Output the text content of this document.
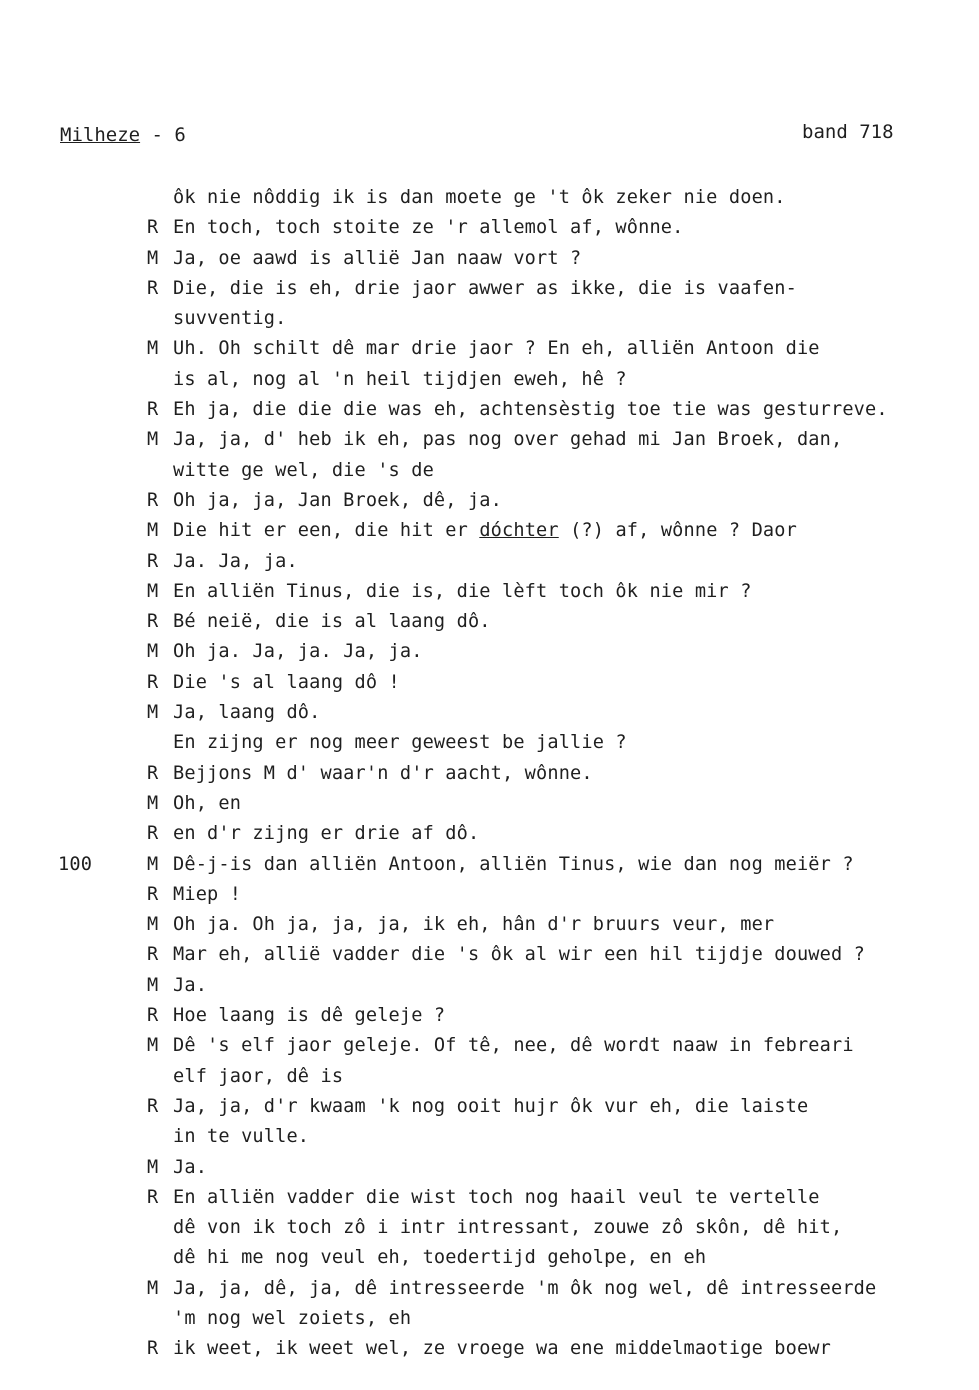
Milheze - 6	band 718
ôk nie nôddig ik is dan moete ge 't ôk zeker nie doen.
R En toch, toch stoite ze 'r allemol af, wônne.
M Ja, oe aawd is allië Jan naaw vort ?
R Die, die is eh, drie jaor awwer as ikke, die is vaafen-
suvventig.
M Uh. Oh schilt dê mar drie jaor ? En eh, alliën Antoon die
is al, nog al 'n heil tijdjen eweh, hê ?
R Eh ja, die die die was eh, achtensèstig toe tie was gesturreve.
M Ja, ja, d' heb ik eh, pas nog over gehad mi Jan Broek, dan,
witte ge wel, die 's de
R Oh ja, ja, Jan Broek, dê, ja.
M Die hit er een, die hit er dóchter (?) af, wônne ? Daor
R Ja. Ja, ja.
M En alliën Tinus, die is, die lèft toch ôk nie mir ?
R Bé neië, die is al laang dô.
M Oh ja. Ja, ja. Ja, ja.
R Die 's al laang dô !
M Ja, laang dô.
En zijng er nog meer geweest be jallie ?
R Bejjons M d' waar'n d'r aacht, wônne.
M Oh, en
R en d'r zijng er drie af dô.
100	M Dê-j-is dan alliën Antoon, alliën Tinus, wie dan nog meiër ?
R Miep !
M Oh ja. Oh ja, ja, ja, ik eh, hân d'r bruurs veur, mer
R Mar eh, allië vadder die 's ôk al wir een hil tijdje douwed ?
M Ja.
R Hoe laang is dê geleje ?
M Dê 's elf jaor geleje. Of tê, nee, dê wordt naaw in febreari
elf jaor, dê is
R Ja, ja, d'r kwaam 'k nog ooit hujr ôk vur eh, die laiste
in te vulle.
M Ja.
R En alliën vadder die wist toch nog haail veul te vertelle
dê von ik toch zô i intr intressant, zouwe zô skôn, dê hit,
dê hi me nog veul eh, toedertijd geholpe, en eh
M Ja, ja, dê, ja, dê intresseerde 'm ôk nog wel, dê intresseerde
'm nog wel zoiets, eh
R ik weet, ik weet wel, ze vroege wa ene middelmaotige boewr
